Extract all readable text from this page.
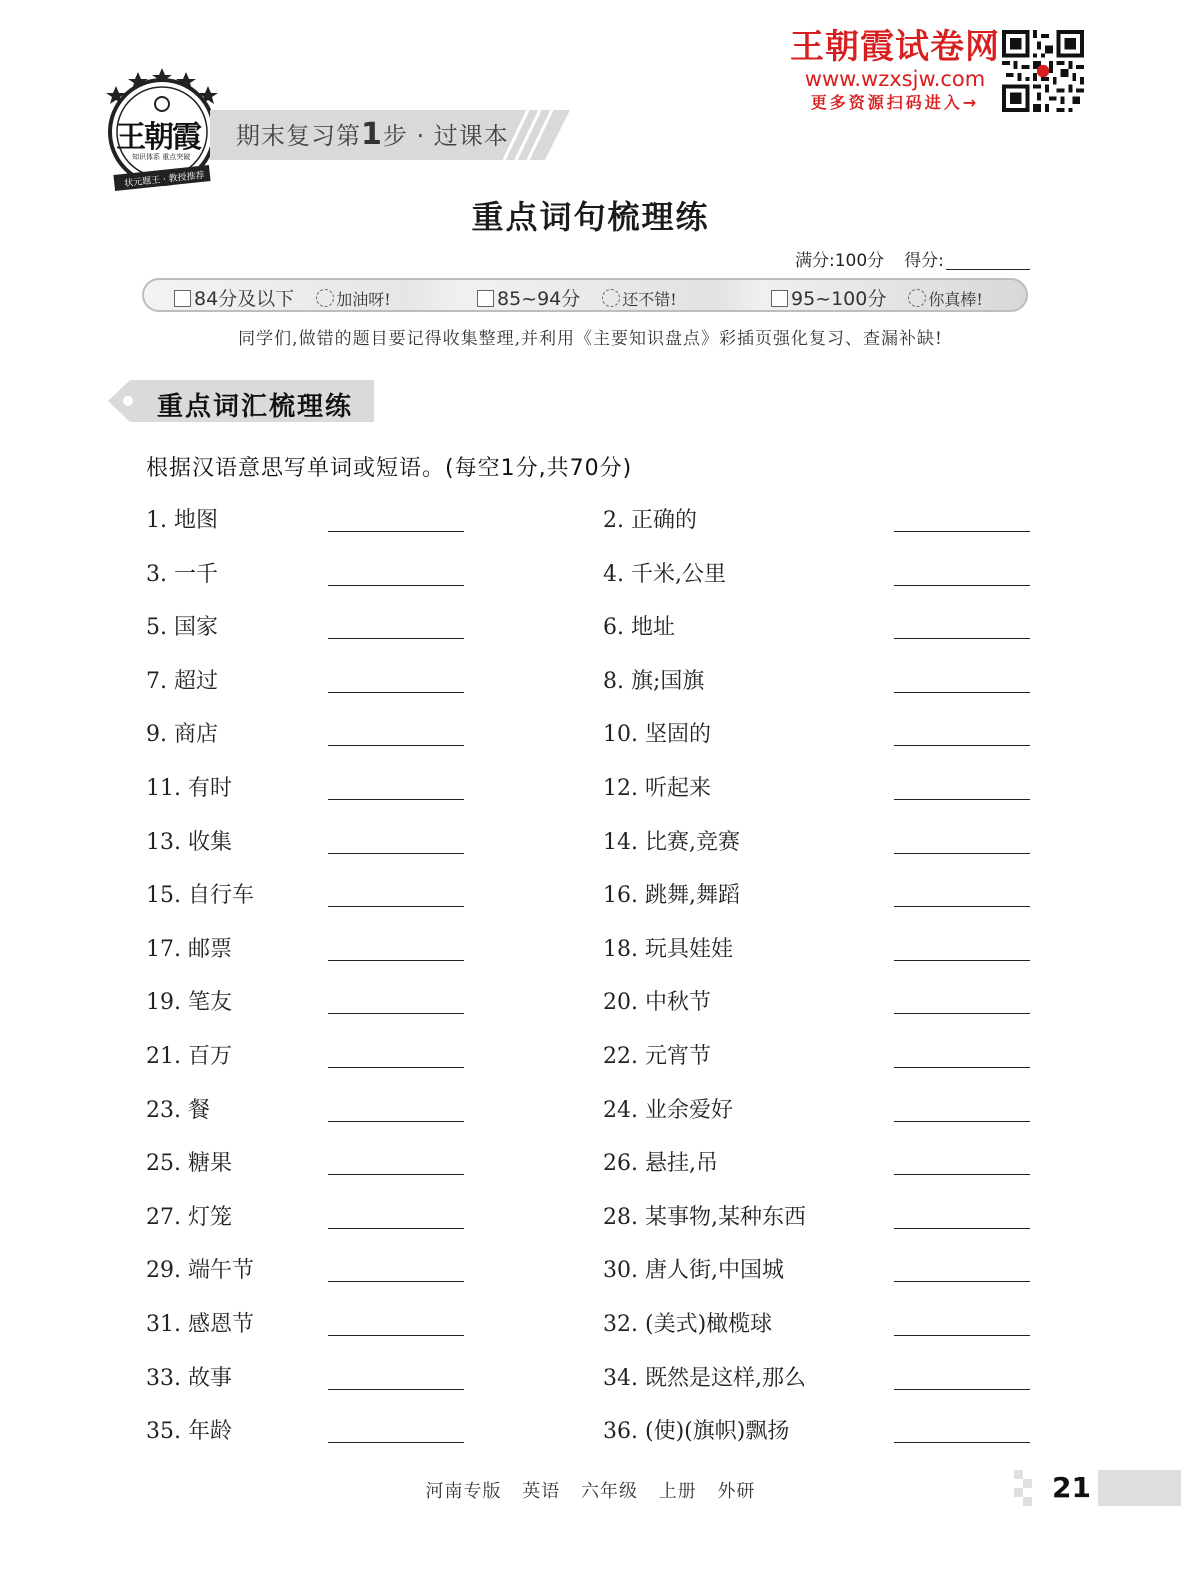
王朝霞
知识体系 重点突破
状元题王 · 教授推荐
期末复习第1步 · 过课本
王朝霞试卷网
www.wzxsjw.com
更多资源扫码进入→
重点词句梳理练
满分:100分 得分:
84分及以下	加油呀!	85~94分	还不错!	95~100分	你真棒!
同学们,做错的题目要记得收集整理,并利用《主要知识盘点》彩插页强化复习、查漏补缺!
重点词汇梳理练
根据汉语意思写单词或短语。(每空1分,共70分)
1. 地图	2. 正确的
3. 一千	4. 千米,公里
5. 国家	6. 地址
7. 超过	8. 旗;国旗
9. 商店	10. 坚固的
11. 有时	12. 听起来
13. 收集	14. 比赛,竞赛
15. 自行车	16. 跳舞,舞蹈
17. 邮票	18. 玩具娃娃
19. 笔友	20. 中秋节
21. 百万	22. 元宵节
23. 餐	24. 业余爱好
25. 糖果	26. 悬挂,吊
27. 灯笼	28. 某事物,某种东西
29. 端午节	30. 唐人街,中国城
31. 感恩节	32. (美式)橄榄球
33. 故事	34. 既然是这样,那么
35. 年龄	36. (使)(旗帜)飘扬
河南专版 英语 六年级 上册 外研	21
